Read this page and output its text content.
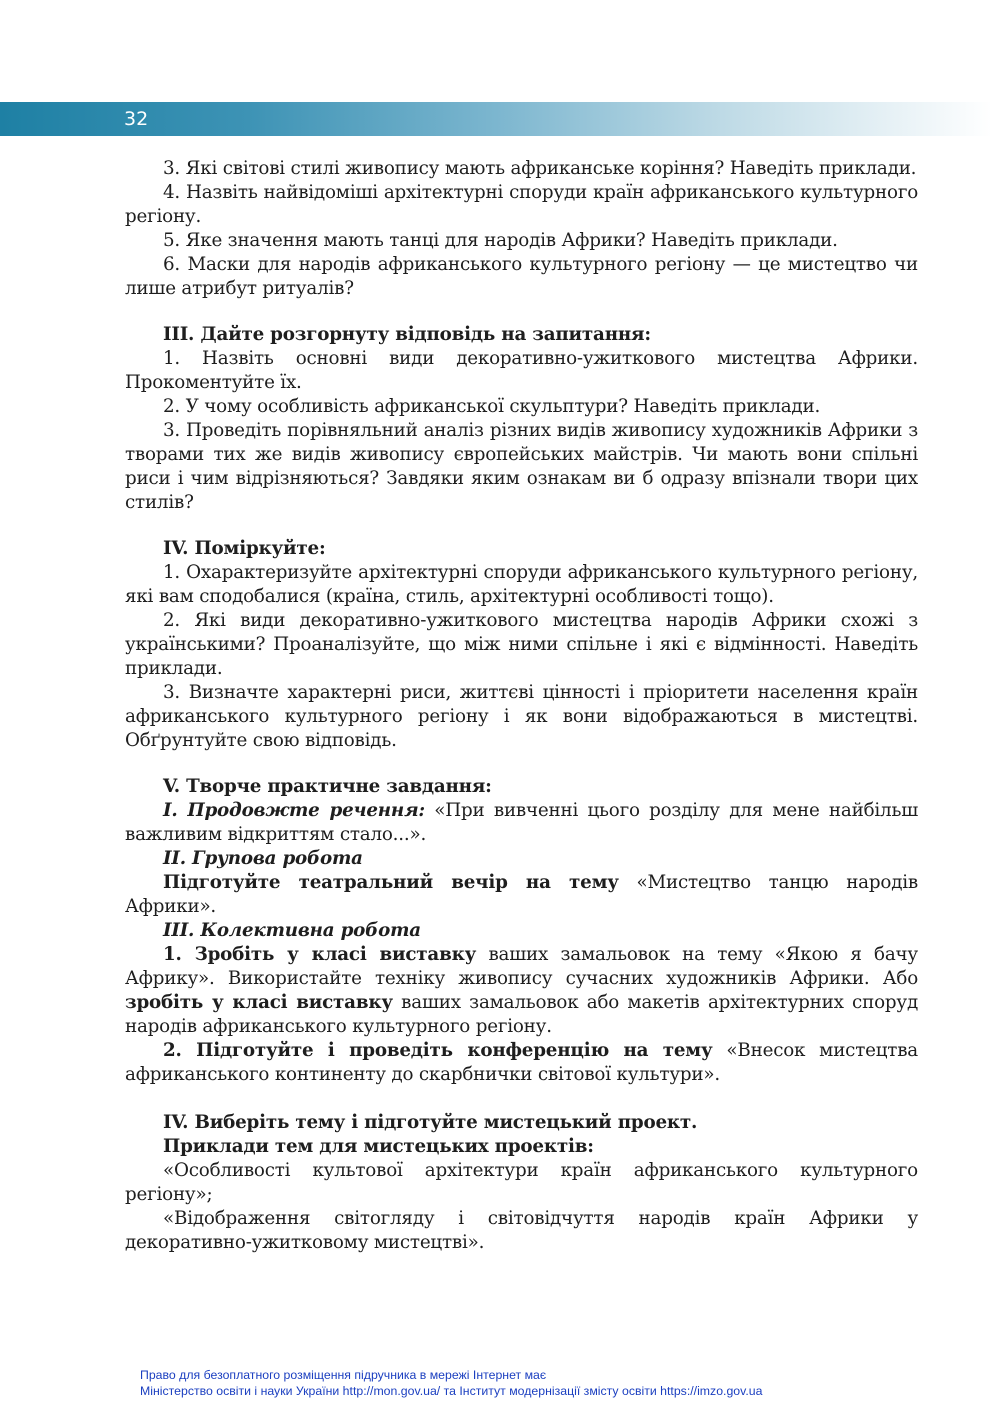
32

3. Які світові стилі живопису мають африканське коріння? Наведіть приклади.

4. Назвіть найвідоміші архітектурні споруди країн африканського культурного регіону.

5. Яке значення мають танці для народів Африки? Наведіть приклади.

6. Маски для народів африканського культурного регіону — це мистецтво чи лише атрибут ритуалів?

ІІІ. Дайте розгорнуту відповідь на запитання:

1. Назвіть основні види декоративно-ужиткового мистецтва Африки. Прокоментуйте їх.

2. У чому особливість африканської скульптури? Наведіть приклади.

3. Проведіть порівняльний аналіз різних видів живопису художників Африки з творами тих же видів живопису європейських майстрів. Чи мають вони спільні риси і чим відрізняються? Завдяки яким ознакам ви б одразу впізнали твори цих стилів?

IV. Поміркуйте:

1. Охарактеризуйте архітектурні споруди африканського культурного регіону, які вам сподобалися (країна, стиль, архітектурні особливості тощо).

2. Які види декоративно-ужиткового мистецтва народів Африки схожі з українськими? Проаналізуйте, що між ними спільне і які є відмінності. Наведіть приклади.

3. Визначте характерні риси, життєві цінності і пріоритети населення країн африканського культурного регіону і як вони відображаються в мистецтві. Обґрунтуйте свою відповідь.

V. Творче практичне завдання:

І. Продовжте речення: «При вивченні цього розділу для мене найбільш важливим відкриттям стало...».

ІІ. Групова робота

Підготуйте театральний вечір на тему «Мистецтво танцю народів Африки».

ІІІ. Колективна робота

1. Зробіть у класі виставку ваших замальовок на тему «Якою я бачу Африку». Використайте техніку живопису сучасних художників Африки. Або зробіть у класі виставку ваших замальовок або макетів архітектурних споруд народів африканського культурного регіону.

2. Підготуйте і проведіть конференцію на тему «Внесок мистецтва африканського континенту до скарбнички світової культури».

IV. Виберіть тему і підготуйте мистецький проект.

Приклади тем для мистецьких проектів:

«Особливості культової архітектури країн африканського культурного регіону»;

«Відображення світогляду і світовідчуття народів країн Африки у декоративно-ужитковому мистецтві».

Право для безоплатного розміщення підручника в мережі Інтернет має
Міністерство освіти і науки України http://mon.gov.ua/ та Інститут модернізації змісту освіти https://imzo.gov.ua
